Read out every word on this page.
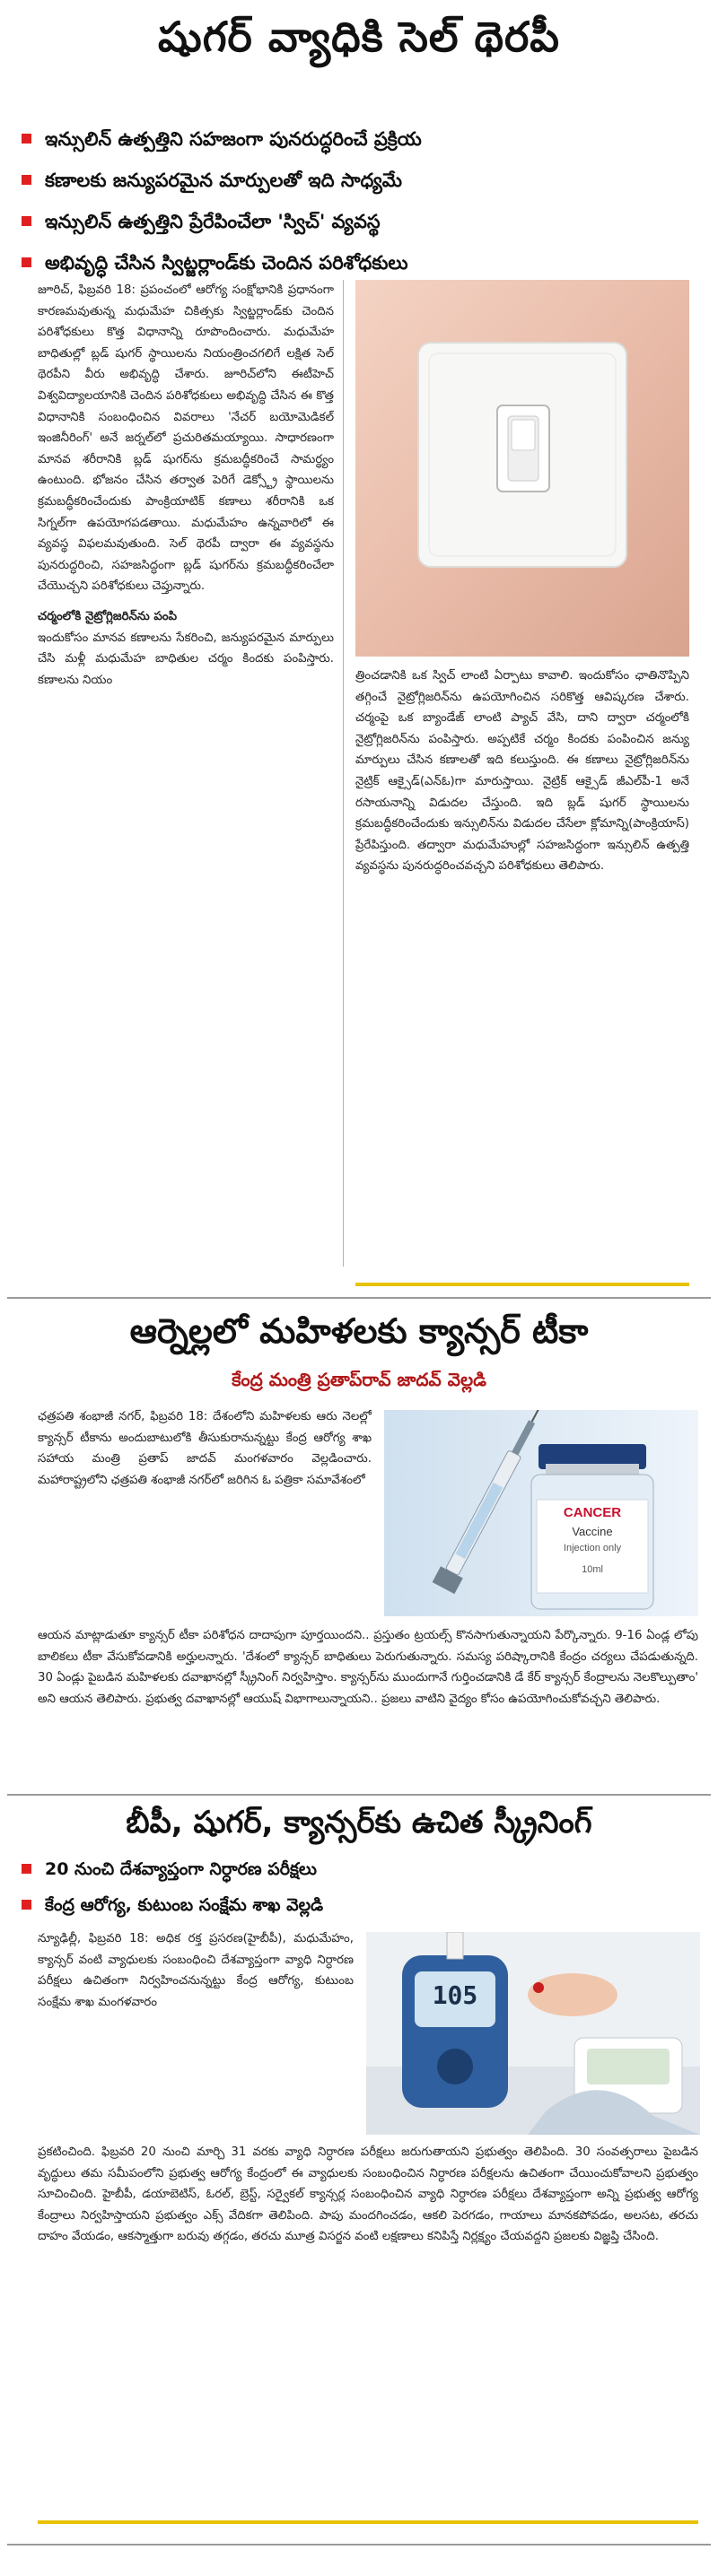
షుగర్ వ్యాధికి సెల్ థెరపీ
ఇన్సులిన్ ఉత్పత్తిని సహజంగా పునరుద్ధరించే ప్రక్రియ
కణాలకు జన్యుపరమైన మార్పులతో ఇది సాధ్యమే
ఇన్సులిన్ ఉత్పత్తిని ప్రేరేపించేలా 'స్విచ్' వ్యవస్థ
అభివృద్ధి చేసిన స్విట్జర్లాండ్‌కు చెందిన పరిశోధకులు

జూరిచ్, ఫిబ్రవరి 18: ప్రపంచంలో ఆరోగ్య సంక్షోభానికి ప్రధానంగా కారణమవుతున్న మధుమేహ చికిత్సకు స్విట్జర్లాండ్‌కు చెందిన పరిశోధకులు కొత్త విధానాన్ని రూపొందించారు. మధుమేహ బాధితుల్లో బ్లడ్ షుగర్ స్థాయిలను నియంత్రించగలిగే లక్షిత సెల్ థెరపీని వీరు అభివృద్ధి చేశారు. జూరిచ్‌లోని ఈటీహెచ్ విశ్వవిద్యాలయానికి చెందిన పరిశోధకులు అభివృద్ధి చేసిన ఈ కొత్త విధానానికి సంబంధించిన వివరాలు 'నేచర్ బయోమెడికల్ ఇంజినీరింగ్' అనే జర్నల్‌లో ప్రచురితమయ్యాయి. సాధారణంగా మానవ శరీరానికి బ్లడ్ షుగర్‌ను క్రమబద్ధీకరించే సామర్థ్యం ఉంటుంది. భోజనం చేసిన తర్వాత పెరిగే డెక్స్ట్రో స్థాయిలను క్రమబద్ధీకరించేందుకు పాంక్రియాటిక్ కణాలు శరీరానికి ఒక సిగ్నల్‌గా ఉపయోగపడతాయి. మధుమేహం ఉన్నవారిలో ఈ వ్యవస్థ విఫలమవుతుంది. సెల్ థెరపీ ద్వారా ఈ వ్యవస్థను పునరుద్ధరించి, సహజసిద్ధంగా బ్లడ్ షుగర్‌ను క్రమబద్ధీకరించేలా చేయొచ్చని పరిశోధకులు చెప్తున్నారు.

చర్మంలోకి నైట్రోగ్లిజరిన్‌ను పంపి

ఇందుకోసం మానవ కణాలను సేకరించి, జన్యుపరమైన మార్పులు చేసి మళ్లీ మధుమేహ బాధితుల చర్మం కిందకు పంపిస్తారు. కణాలను నియం	త్రించడానికి ఒక స్విచ్ లాంటి ఏర్పాటు కావాలి. ఇందుకోసం ఛాతినొప్పిని తగ్గించే నైట్రోగ్లిజరిన్‌ను ఉపయోగించిన సరికొత్త ఆవిష్కరణ చేశారు. చర్మంపై ఒక బ్యాండేజ్ లాంటి ప్యాచ్ వేసి, దాని ద్వారా చర్మంలోకి నైట్రోగ్లిజరిన్‌ను పంపిస్తారు. అప్పటికే చర్మం కిందకు పంపించిన జన్యు మార్పులు చేసిన కణాలతో ఇది కలుస్తుంది. ఈ కణాలు నైట్రోగ్లిజరిన్‌ను నైట్రిక్ ఆక్సైడ్(ఎన్‌ఓ)గా మారుస్తాయి. నైట్రిక్ ఆక్సైడ్ జీఎల్‌పీ-1 అనే రసాయనాన్ని విడుదల చేస్తుంది. ఇది బ్లడ్ షుగర్ స్థాయిలను క్రమబద్ధీకరించేందుకు ఇన్సులిన్‌ను విడుదల చేసేలా క్లోమాన్ని(పాంక్రియాస్) ప్రేరేపిస్తుంది. తద్వారా మధుమేహుల్లో సహజసిద్ధంగా ఇన్సులిన్ ఉత్పత్తి వ్యవస్థను పునరుద్ధరించవచ్చని పరిశోధకులు తెలిపారు.

ఆర్నెల్లలో మహిళలకు క్యాన్సర్ టీకా

కేంద్ర మంత్రి ప్రతాప్‌రావ్ జాదవ్ వెల్లడి

ఛత్రపతి శంభాజీ నగర్, ఫిబ్రవరి 18: దేశంలోని మహిళలకు ఆరు నెలల్లో క్యాన్సర్ టీకాను అందుబాటులోకి తీసుకురానున్నట్టు కేంద్ర ఆరోగ్య శాఖ సహాయ మంత్రి ప్రతాప్ జాదవ్ మంగళవారం వెల్లడించారు. మహారాష్ట్రలోని ఛత్రపతి శంభాజీ నగర్‌లో జరిగిన ఓ పత్రికా సమావేశంలో

CANCER
Vaccine
Injection only
10ml

ఆయన మాట్లాడుతూ క్యాన్సర్ టీకా పరిశోధన దాదాపుగా పూర్తయిందని.. ప్రస్తుతం ట్రయల్స్ కొనసాగుతున్నాయని పేర్కొన్నారు. 9-16 ఏండ్ల లోపు బాలికలు టీకా వేసుకోవడానికి అర్హులన్నారు. 'దేశంలో క్యాన్సర్ బాధితులు పెరుగుతున్నారు. సమస్య పరిష్కారానికి కేంద్రం చర్యలు చేపడుతున్నది. 30 ఏండ్లు పైబడిన మహిళలకు దవాఖానల్లో స్క్రీనింగ్ నిర్వహిస్తాం. క్యాన్సర్‌ను ముందుగానే గుర్తించడానికి డే కేర్ క్యాన్సర్ కేంద్రాలను నెలకొల్పుతాం' అని ఆయన తెలిపారు. ప్రభుత్వ దవాఖానల్లో ఆయుష్ విభాగాలున్నాయని.. ప్రజలు వాటిని వైద్యం కోసం ఉపయోగించుకోవచ్చని తెలిపారు.

బీపీ, షుగర్, క్యాన్సర్‌కు ఉచిత స్క్రీనింగ్
20 నుంచి దేశవ్యాప్తంగా నిర్ధారణ పరీక్షలు
కేంద్ర ఆరోగ్య, కుటుంబ సంక్షేమ శాఖ వెల్లడి

న్యూఢిల్లీ, ఫిబ్రవరి 18: అధిక రక్త ప్రసరణ(హైబీపీ), మధుమేహం, క్యాన్సర్ వంటి వ్యాధులకు సంబంధించి దేశవ్యాప్తంగా వ్యాధి నిర్ధారణ పరీక్షలు ఉచితంగా నిర్వహించనున్నట్టు కేంద్ర ఆరోగ్య, కుటుంబ సంక్షేమ శాఖ మంగళవారం	105

ప్రకటించింది. ఫిబ్రవరి 20 నుంచి మార్చి 31 వరకు వ్యాధి నిర్ధారణ పరీక్షలు జరుగుతాయని ప్రభుత్వం తెలిపింది. 30 సంవత్సరాలు పైబడిన వృద్ధులు తమ సమీపంలోని ప్రభుత్వ ఆరోగ్య కేంద్రంలో ఈ వ్యాధులకు సంబంధించిన నిర్ధారణ పరీక్షలను ఉచితంగా చేయించుకోవాలని ప్రభుత్వం సూచించింది. హైబీపీ, డయాబెటిస్, ఓరల్, బ్రెస్ట్, సర్వైకల్ క్యాన్సర్ల సంబంధించిన వ్యాధి నిర్ధారణ పరీక్షలు దేశవ్యాప్తంగా అన్ని ప్రభుత్వ ఆరోగ్య కేంద్రాలు నిర్వహిస్తాయని ప్రభుత్వం ఎక్స్ వేదికగా తెలిపింది. పాపు మందగించడం, ఆకలి పెరగడం, గాయాలు మానకపోవడం, అలసట, తరచు దాహం వేయడం, ఆకస్మాత్తుగా బరువు తగ్గడం, తరచు మూత్ర విసర్జన వంటి లక్షణాలు కనిపిస్తే నిర్లక్ష్యం చేయవద్దని ప్రజలకు విజ్ఞప్తి చేసింది.
